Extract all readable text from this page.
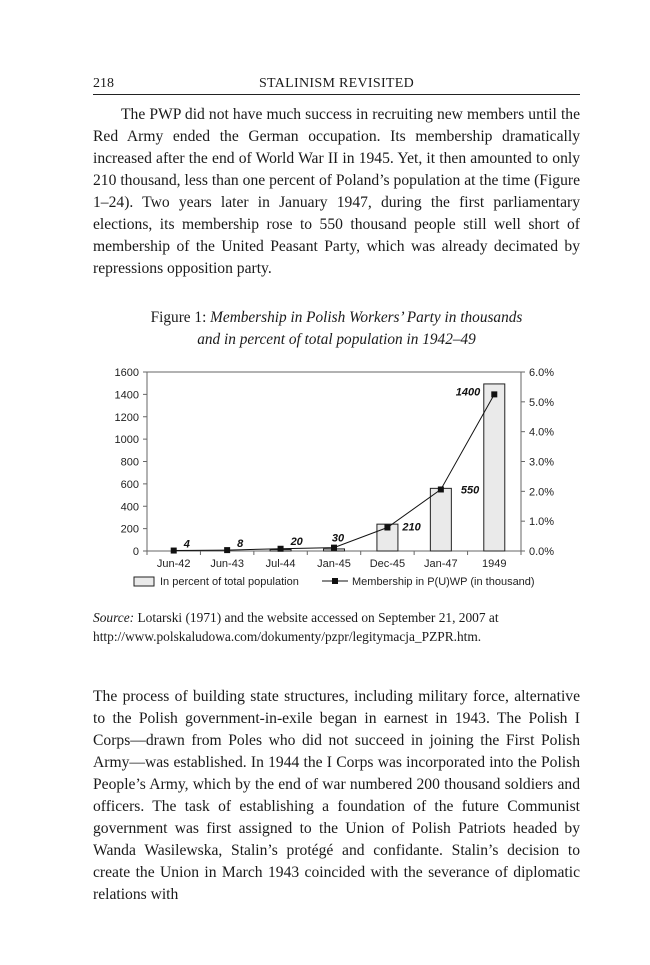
218	STALINISM REVISITED

The PWP did not have much success in recruiting new members until the Red Army ended the German occupation. Its membership dramatically increased after the end of World War II in 1945. Yet, it then amounted to only 210 thousand, less than one percent of Poland’s population at the time (Figure 1–24). Two years later in January 1947, during the first parliamentary elections, its membership rose to 550 thousand people still well short of membership of the United Peasant Party, which was already decimated by repressions opposition party.

Figure 1: Membership in Polish Workers’ Party in thousands
and in percent of total population in 1942–49
0
200
400
600
800
1000
1200
1400
1600
0.0%
1.0%
2.0%
3.0%
4.0%
5.0%
6.0%
Jun-42 Jun-43 Jul-44 Jan-45 Dec-45 Jan-47 1949
4	8	20	30
210
550
1400
In percent of total population	Membership in P(U)WP (in thousand)
Source: Lotarski (1971) and the website accessed on September 21, 2007 at http://www.polskaludowa.com/dokumenty/pzpr/legitymacja_PZPR.htm.

The process of building state structures, including military force, alternative to the Polish government-in-exile began in earnest in 1943. The Polish I Corps—drawn from Poles who did not succeed in joining the First Polish Army—was established. In 1944 the I Corps was incorporated into the Polish People’s Army, which by the end of war numbered 200 thousand soldiers and officers. The task of establishing a foundation of the future Communist government was first assigned to the Union of Polish Patriots headed by Wanda Wasilewska, Stalin’s protégé and confidante. Stalin’s decision to create the Union in March 1943 coincided with the severance of diplomatic relations with
